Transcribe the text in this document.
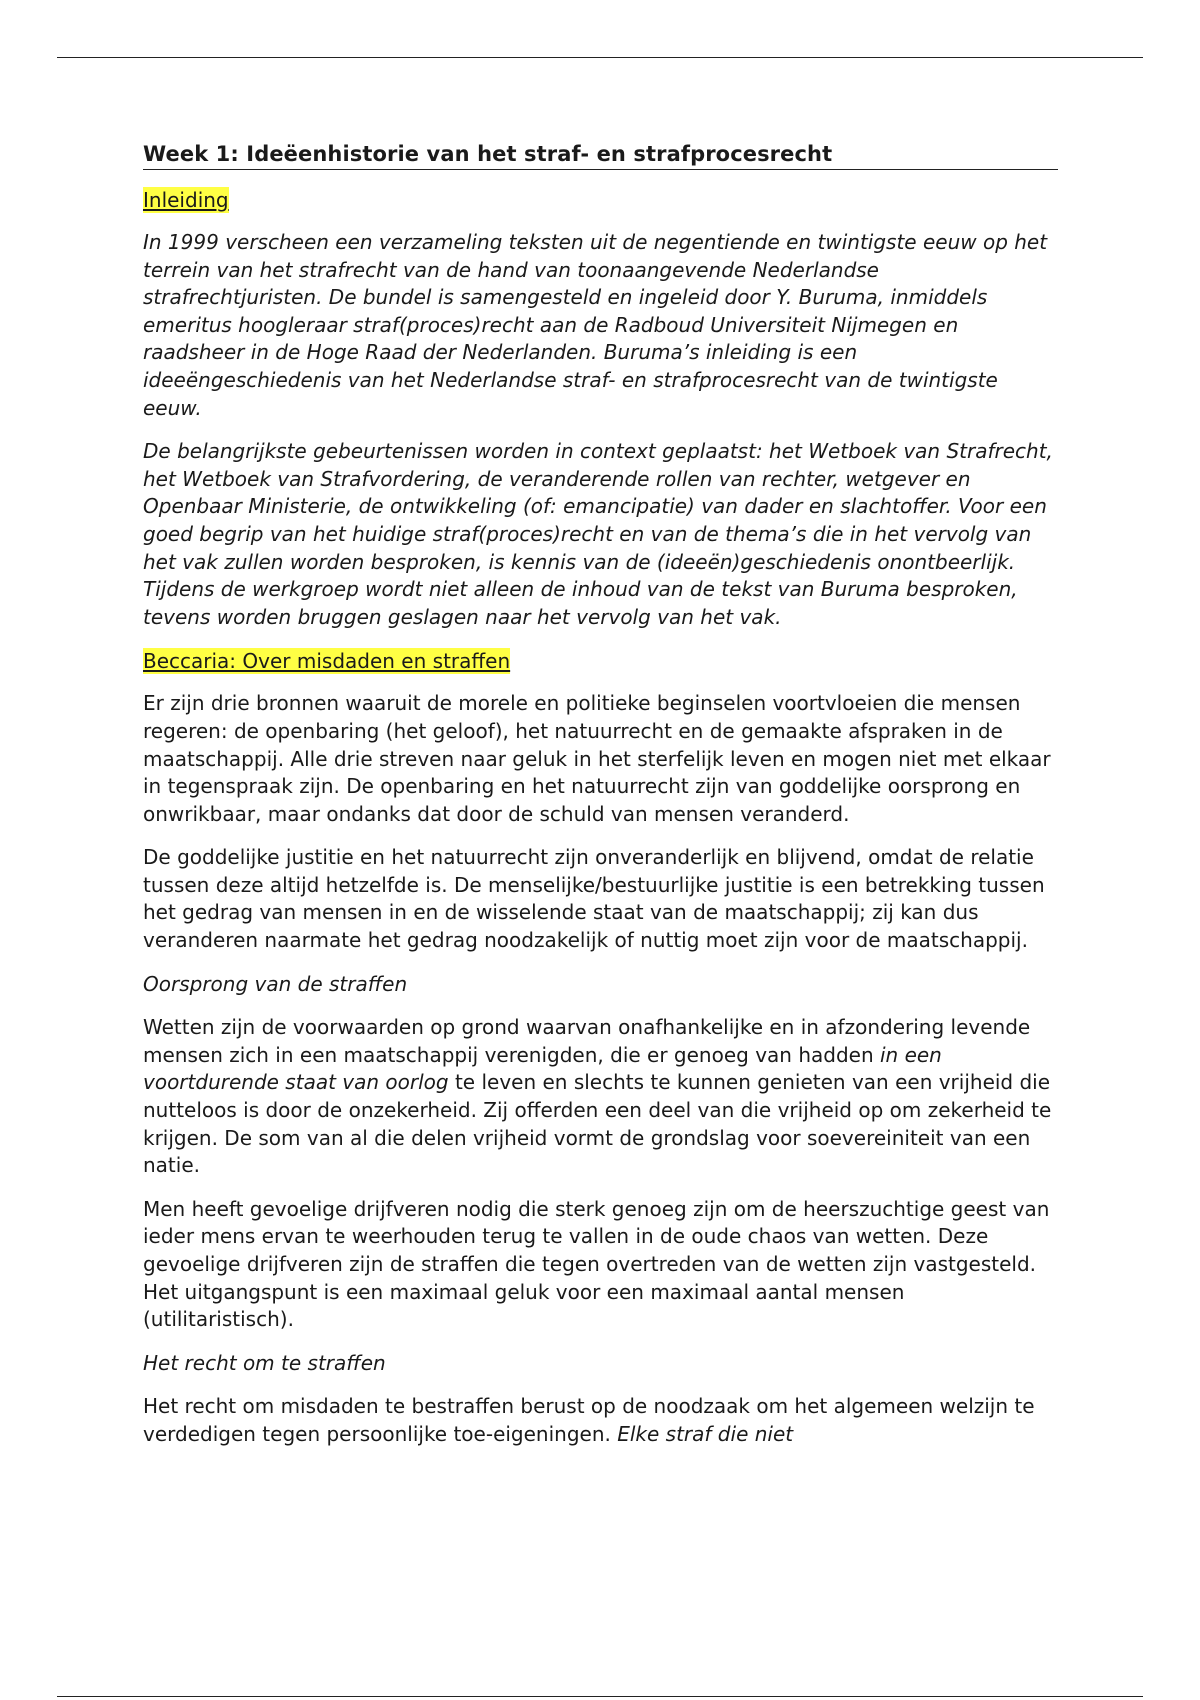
Week 1: Ideëenhistorie van het straf- en strafprocesrecht
Inleiding

In 1999 verscheen een verzameling teksten uit de negentiende en twintigste eeuw op het terrein van het strafrecht van de hand van toonaangevende Nederlandse strafrechtjuristen. De bundel is samengesteld en ingeleid door Y. Buruma, inmiddels emeritus hoogleraar straf(proces)recht aan de Radboud Universiteit Nijmegen en raadsheer in de Hoge Raad der Nederlanden. Buruma’s inleiding is een ideeëngeschiedenis van het Nederlandse straf- en strafprocesrecht van de twintigste eeuw.

De belangrijkste gebeurtenissen worden in context geplaatst: het Wetboek van Strafrecht, het Wetboek van Strafvordering, de veranderende rollen van rechter, wetgever en Openbaar Ministerie, de ontwikkeling (of: emancipatie) van dader en slachtoffer. Voor een goed begrip van het huidige straf(proces)recht en van de thema’s die in het vervolg van het vak zullen worden besproken, is kennis van de (ideeën)geschiedenis onontbeerlijk. Tijdens de werkgroep wordt niet alleen de inhoud van de tekst van Buruma besproken, tevens worden bruggen geslagen naar het vervolg van het vak.

Beccaria: Over misdaden en straffen

Er zijn drie bronnen waaruit de morele en politieke beginselen voortvloeien die mensen regeren: de openbaring (het geloof), het natuurrecht en de gemaakte afspraken in de maatschappij. Alle drie streven naar geluk in het sterfelijk leven en mogen niet met elkaar in tegenspraak zijn. De openbaring en het natuurrecht zijn van goddelijke oorsprong en onwrikbaar, maar ondanks dat door de schuld van mensen veranderd.

De goddelijke justitie en het natuurrecht zijn onveranderlijk en blijvend, omdat de relatie tussen deze altijd hetzelfde is. De menselijke/bestuurlijke justitie is een betrekking tussen het gedrag van mensen in en de wisselende staat van de maatschappij; zij kan dus veranderen naarmate het gedrag noodzakelijk of nuttig moet zijn voor de maatschappij.

Oorsprong van de straffen

Wetten zijn de voorwaarden op grond waarvan onafhankelijke en in afzondering levende mensen zich in een maatschappij verenigden, die er genoeg van hadden in een voortdurende staat van oorlog te leven en slechts te kunnen genieten van een vrijheid die nutteloos is door de onzekerheid. Zij offerden een deel van die vrijheid op om zekerheid te krijgen. De som van al die delen vrijheid vormt de grondslag voor soevereiniteit van een natie.

Men heeft gevoelige drijfveren nodig die sterk genoeg zijn om de heerszuchtige geest van ieder mens ervan te weerhouden terug te vallen in de oude chaos van wetten. Deze gevoelige drijfveren zijn de straffen die tegen overtreden van de wetten zijn vastgesteld. Het uitgangspunt is een maximaal geluk voor een maximaal aantal mensen (utilitaristisch).

Het recht om te straffen

Het recht om misdaden te bestraffen berust op de noodzaak om het algemeen welzijn te verdedigen tegen persoonlijke toe-eigeningen. Elke straf die niet
